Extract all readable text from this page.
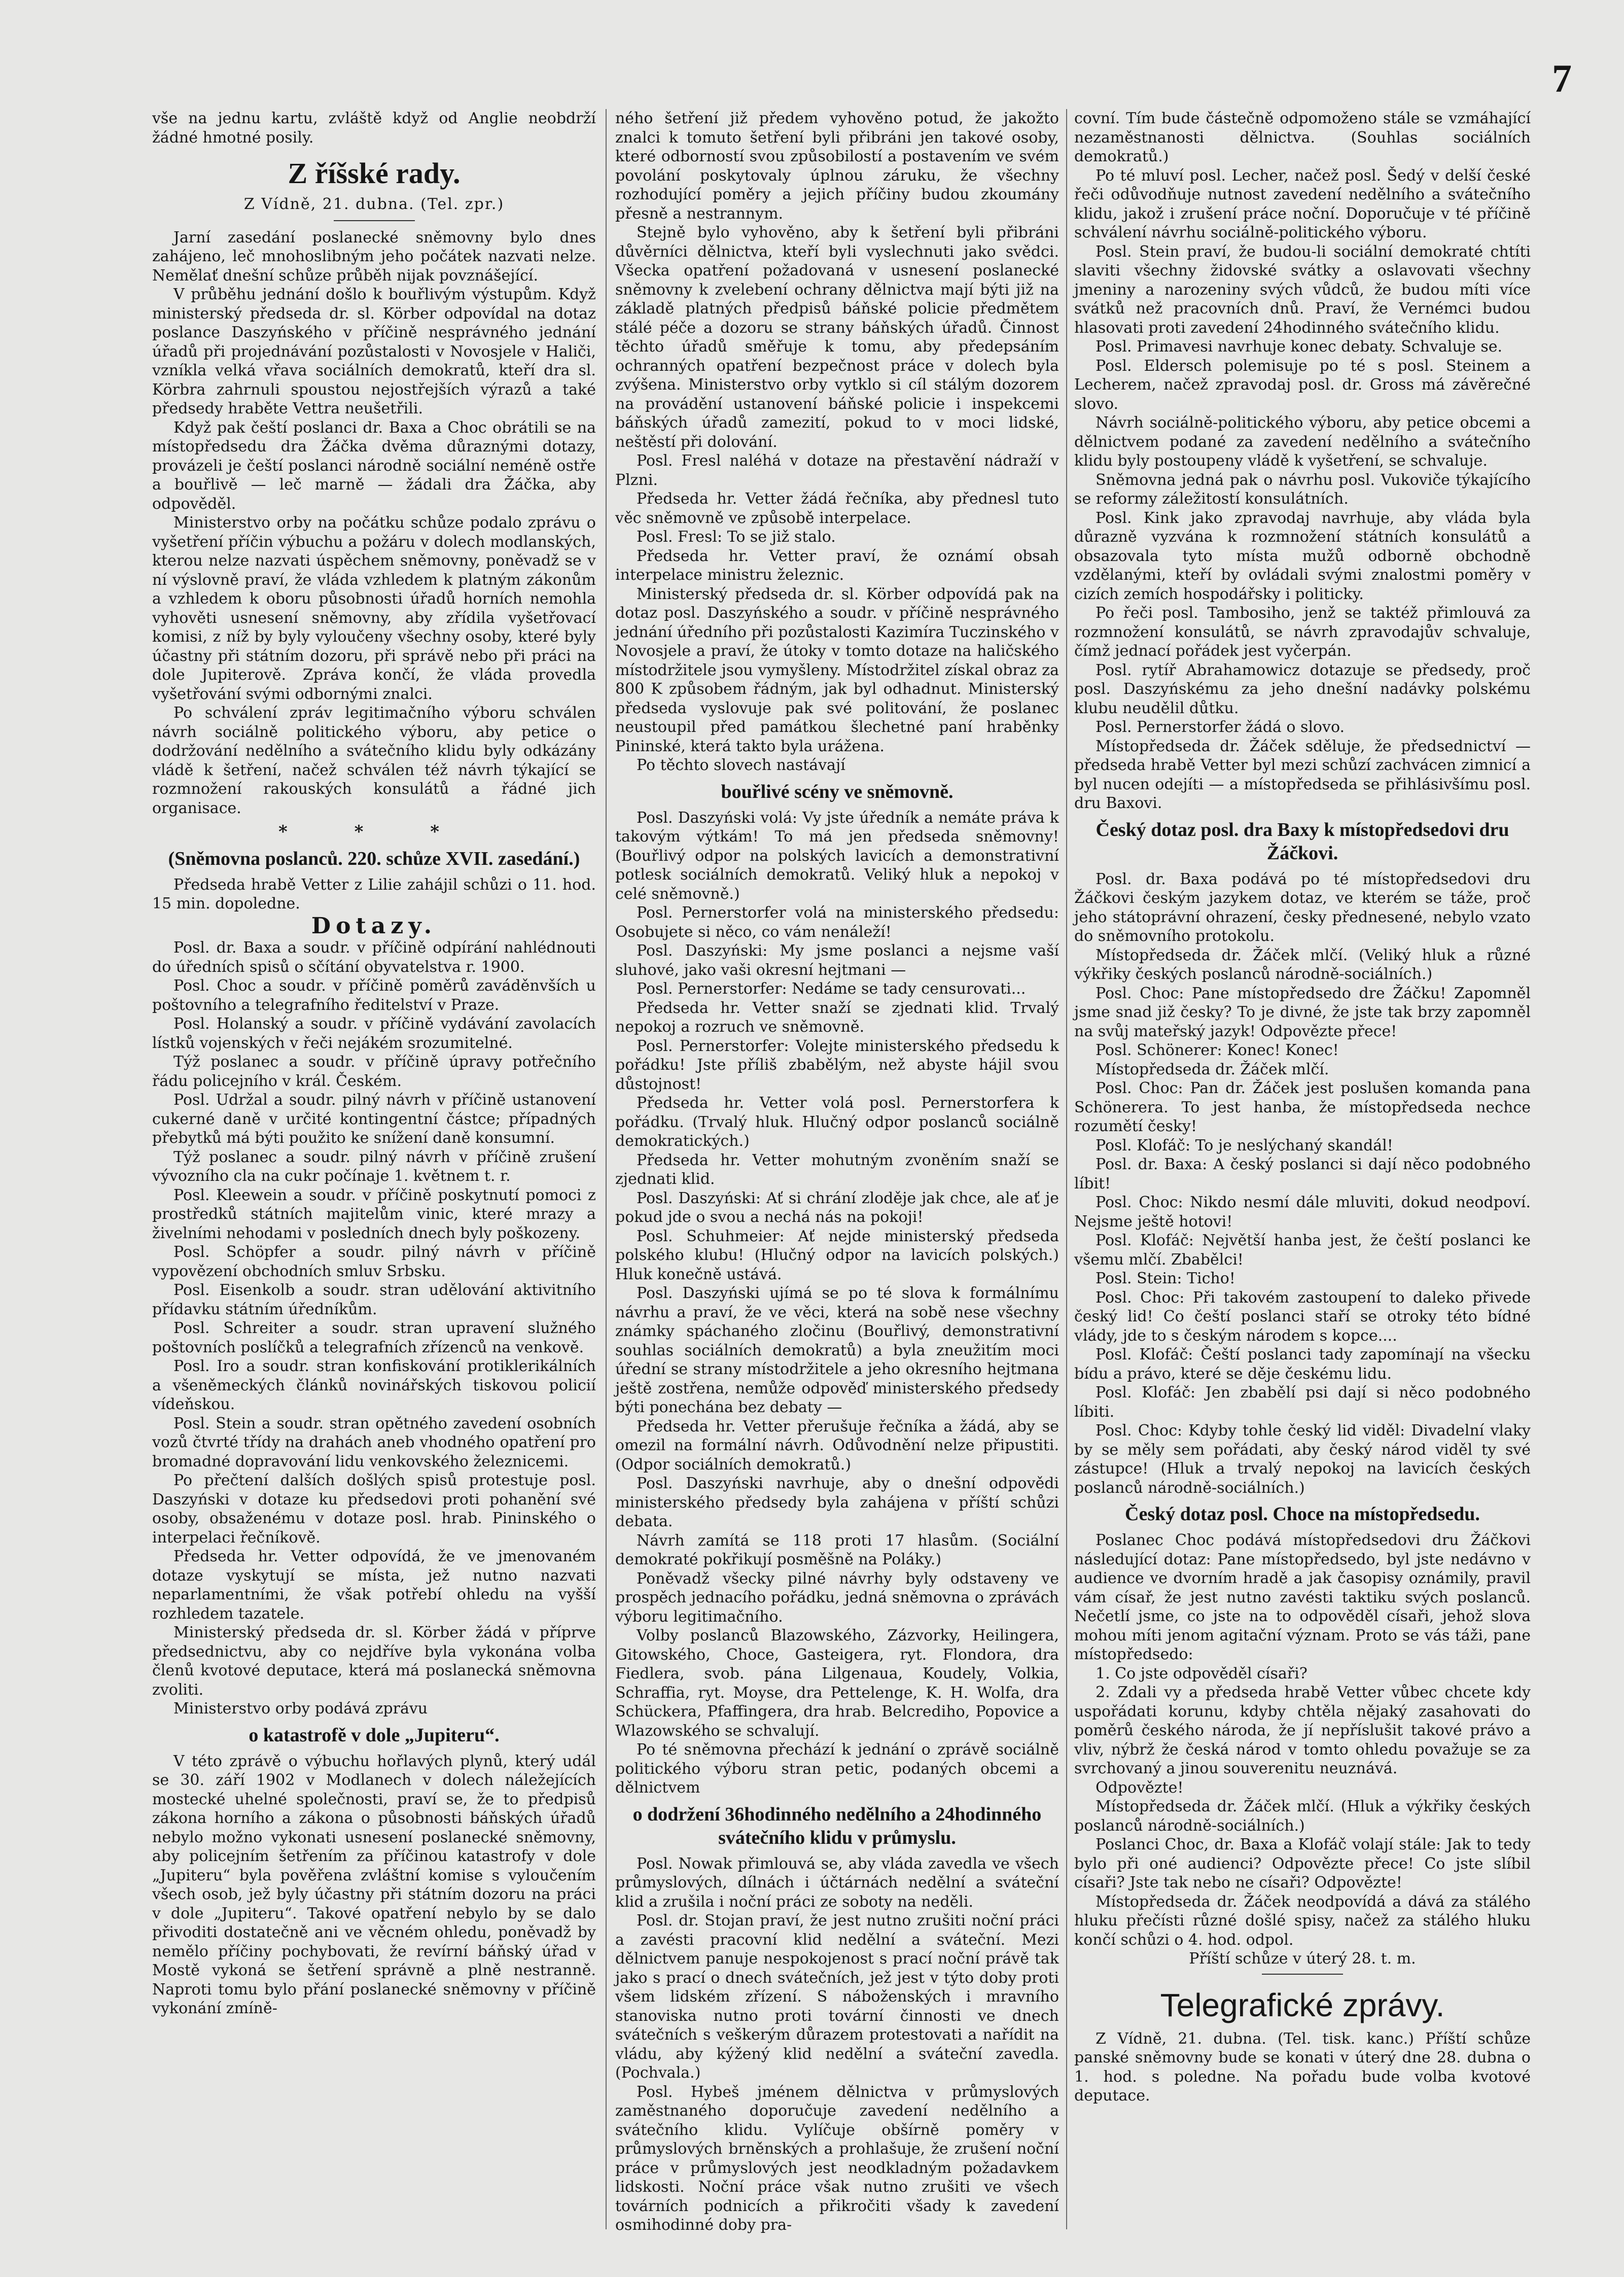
7

vše na jednu kartu, zvláště když od Anglie neobdrží žádné hmotné posily.

Z říšské rady.
Z Vídně, 21. dubna. (Tel. zpr.)

Jarní zasedání poslanecké sněmovny bylo dnes zahájeno, leč mnohoslibným jeho počátek nazvati nelze. Nemělať dnešní schůze průběh nijak povznášející.

V průběhu jednání došlo k bouřlivým výstupům. Když ministerský předseda dr. sl. Körber odpovídal na dotaz poslance Daszyńského v příčině nesprávného jednání úřadů při projednávání pozůstalosti v Novosjele v Haliči, vzníkla velká vřava sociálních demokratů, kteří dra sl. Körbra zahrnuli spoustou nejostřejších výrazů a také předsedy hraběte Vettra neušetřili.

Když pak čeští poslanci dr. Baxa a Choc obrátili se na místopředsedu dra Žáčka dvěma důraznými dotazy, provázeli je čeští poslanci národně sociální neméně ostře a bouřlivě — leč marně — žádali dra Žáčka, aby odpověděl.

Ministerstvo orby na počátku schůze podalo zprávu o vyšetření příčin výbuchu a požáru v dolech modlanských, kterou nelze nazvati úspěchem sněmovny, poněvadž se v ní výslovně praví, že vláda vzhledem k platným zákonům a vzhledem k oboru působnosti úřadů horních nemohla vyhověti usnesení sněmovny, aby zřídila vyšetřovací komisi, z níž by byly vyloučeny všechny osoby, které byly účastny při státním dozoru, při správě nebo při práci na dole Jupiterově. Zpráva končí, že vláda provedla vyšetřování svými odbornými znalci.

Po schválení zpráv legitimačního výboru schválen návrh sociálně politického výboru, aby petice o dodržování nedělního a svátečního klidu byly odkázány vládě k šetření, načež schválen též návrh týkající se rozmnožení rakouských konsulátů a řádné jich organisace.

* * *
(Sněmovna poslanců. 220. schůze XVII. zasedání.)

Předseda hrabě Vetter z Lilie zahájil schůzi o 11. hod. 15 min. dopoledne.

Dotazy.

Posl. dr. Baxa a soudr. v příčině odpírání nahlédnouti do úředních spisů o sčítání obyvatelstva r. 1900.

Posl. Choc a soudr. v příčině poměrů zaváděnvších u poštovního a telegrafního ředitelství v Praze.

Posl. Holanský a soudr. v příčině vydávání zavolacích lístků vojenských v řeči nejákém srozumitelné.

Týž poslanec a soudr. v příčině úpravy potřečního řádu policejního v král. Českém.

Posl. Udržal a soudr. pilný návrh v příčině ustanovení cukerné daně v určité kontingentní částce; případných přebytků má býti použito ke snížení daně konsumní.

Týž poslanec a soudr. pilný návrh v příčině zrušení vývozního cla na cukr počínaje 1. květnem t. r.

Posl. Kleewein a soudr. v příčině poskytnutí pomoci z prostředků státních majitelům vinic, které mrazy a živelními nehodami v posledních dnech byly poškozeny.

Posl. Schöpfer a soudr. pilný návrh v příčině vypovězení obchodních smluv Srbsku.

Posl. Eisenkolb a soudr. stran udělování aktivitního přídavku státním úředníkům.

Posl. Schreiter a soudr. stran upravení služného poštovních poslíčků a telegrafních zřízenců na venkově.

Posl. Iro a soudr. stran konfiskování protiklerikálních a všeněmeckých článků novinářských tiskovou policií vídeňskou.

Posl. Stein a soudr. stran opětného zavedení osobních vozů čtvrté třídy na drahách aneb vhodného opatření pro bromadné dopravování lidu venkovského železnicemi.

Po přečtení dalších došlých spisů protestuje posl. Daszyński v dotaze ku předsedovi proti pohanění své osoby, obsaženému v dotaze posl. hrab. Pininského o interpelaci řečníkově.

Předseda hr. Vetter odpovídá, že ve jmenovaném dotaze vyskytují se místa, jež nutno nazvati neparlamentními, že však potřebí ohledu na vyšší rozhledem tazatele.

Ministerský předseda dr. sl. Körber žádá v příprve předsednictvu, aby co nejdříve byla vykonána volba členů kvotové deputace, která má poslanecká sněmovna zvoliti.

Ministerstvo orby podává zprávu

o katastrofě v dole „Jupiteru“.

V této zprávě o výbuchu hořlavých plynů, který udál se 30. září 1902 v Modlanech v dolech náležejících mostecké uhelné společnosti, praví se, že to předpisů zákona horního a zákona o působnosti báňských úřadů nebylo možno vykonati usnesení poslanecké sněmovny, aby policejním šetřením za příčinou katastrofy v dole „Jupiteru“ byla pověřena zvláštní komise s vyloučením všech osob, jež byly účastny při státním dozoru na práci v dole „Jupiteru“. Takové opatření nebylo by se dalo přivoditi dostatečně ani ve věcném ohledu, poněvadž by nemělo příčiny pochybovati, že revírní báňský úřad v Mostě vykoná se šetření správně a plně nestranně. Naproti tomu bylo přání poslanecké sněmovny v příčině vykonání zmíně-

ného šetření již předem vyhověno potud, že jakožto znalci k tomuto šetření byli přibráni jen takové osoby, které odborností svou způsobilostí a postavením ve svém povolání poskytovaly úplnou záruku, že všechny rozhodující poměry a jejich příčiny budou zkoumány přesně a nestrannym.

Stejně bylo vyhověno, aby k šetření byli přibráni důvěrníci dělnictva, kteří byli vyslechnuti jako svědci. Všecka opatření požadovaná v usnesení poslanecké sněmovny k zvelebení ochrany dělnictva mají býti již na základě platných předpisů báňské policie předmětem stálé péče a dozoru se strany báňských úřadů. Činnost těchto úřadů směřuje k tomu, aby předepsáním ochranných opatření bezpečnost práce v dolech byla zvýšena. Ministerstvo orby vytklo si cíl stálým dozorem na provádění ustanovení báňské policie i inspekcemi báňských úřadů zamezití, pokud to v moci lidské, neštěstí při dolování.

Posl. Fresl naléhá v dotaze na přestavění nádraží v Plzni.

Předseda hr. Vetter žádá řečníka, aby přednesl tuto věc sněmovně ve způsobě interpelace.

Posl. Fresl: To se již stalo.

Předseda hr. Vetter praví, že oznámí obsah interpelace ministru železnic.

Ministerský předseda dr. sl. Körber odpovídá pak na dotaz posl. Daszyńského a soudr. v příčině nesprávného jednání úředního při pozůstalosti Kazimíra Tuczinského v Novosjele a praví, že útoky v tomto dotaze na haličského místodržitele jsou vymyšleny. Místodržitel získal obraz za 800 K způsobem řádným, jak byl odhadnut. Ministerský předseda vyslovuje pak své politování, že poslanec neustoupil před památkou šlechetné paní hraběnky Pininské, která takto byla urážena.

Po těchto slovech nastávají

bouřlivé scény ve sněmovně.

Posl. Daszyński volá: Vy jste úředník a nemáte práva k takovým výtkám! To má jen předseda sněmovny! (Bouřlivý odpor na polských lavicích a demonstrativní potlesk sociálních demokratů. Veliký hluk a nepokoj v celé sněmovně.)

Posl. Pernerstorfer volá na ministerského předsedu: Osobujete si něco, co vám nenáleží!

Posl. Daszyński: My jsme poslanci a nejsme vaší sluhové, jako vaši okresní hejtmani —

Posl. Pernerstorfer: Nedáme se tady censurovati...

Předseda hr. Vetter snaží se zjednati klid. Trvalý nepokoj a rozruch ve sněmovně.

Posl. Pernerstorfer: Volejte ministerského předsedu k pořádku! Jste příliš zbabělým, než abyste hájil svou důstojnost!

Předseda hr. Vetter volá posl. Pernerstorfera k pořádku. (Trvalý hluk. Hlučný odpor poslanců sociálně demokratických.)

Předseda hr. Vetter mohutným zvoněním snaží se zjednati klid.

Posl. Daszyński: Ať si chrání zloděje jak chce, ale ať je pokud jde o svou a nechá nás na pokoji!

Posl. Schuhmeier: Ať nejde ministerský předseda polského klubu! (Hlučný odpor na lavicích polských.) Hluk konečně ustává.

Posl. Daszyński ujímá se po té slova k formálnímu návrhu a praví, že ve věci, která na sobě nese všechny známky spáchaného zločinu (Bouřlivý, demonstrativní souhlas sociálních demokratů) a byla zneužitím moci úřední se strany místodržitele a jeho okresního hejtmana ještě zostřena, nemůže odpověď ministerského předsedy býti ponechána bez debaty —

Předseda hr. Vetter přerušuje řečníka a žádá, aby se omezil na formální návrh. Odůvodnění nelze připustiti. (Odpor sociálních demokratů.)

Posl. Daszyński navrhuje, aby o dnešní odpovědi ministerského předsedy byla zahájena v příští schůzi debata.

Návrh zamítá se 118 proti 17 hlasům. (Sociální demokraté pokřikují posměšně na Poláky.)

Poněvadž všecky pilné návrhy byly odstaveny ve prospěch jednacího pořádku, jedná sněmovna o zprávách výboru legitimačního.

Volby poslanců Blazowského, Zázvorky, Heilingera, Gitowského, Choce, Gasteigera, ryt. Flondora, dra Fiedlera, svob. pána Lilgenaua, Koudely, Volkia, Schraffia, ryt. Moyse, dra Pettelenge, K. H. Wolfa, dra Schückera, Pfaffingera, dra hrab. Belcrediho, Popovice a Wlazowského se schvalují.

Po té sněmovna přechází k jednání o zprávě sociálně politického výboru stran petic, podaných obcemi a dělnictvem

o dodržení 36hodinného nedělního a 24hodinného svátečního klidu v průmyslu.

Posl. Nowak přimlouvá se, aby vláda zavedla ve všech průmyslových, dílnách i účtárnách nedělní a sváteční klid a zrušila i noční práci ze soboty na neděli.

Posl. dr. Stojan praví, že jest nutno zrušiti noční práci a zavésti pracovní klid nedělní a sváteční. Mezi dělnictvem panuje nespokojenost s prací noční právě tak jako s prací o dnech svátečních, jež jest v týto doby proti všem lidském zřízení. S náboženských i mravního stanoviska nutno proti tovární činnosti ve dnech svátečních s veškerým důrazem protestovati a nařídit na vládu, aby kýžený klid nedělní a sváteční zavedla. (Pochvala.)

Posl. Hybeš jménem dělnictva v průmyslových zaměstnaného doporučuje zavedení nedělního a svátečního klidu. Vylíčuje obšírně poměry v průmyslových brněnských a prohlašuje, že zrušení noční práce v průmyslových jest neodkladným požadavkem lidskosti. Noční práce však nutno zrušiti ve všech továrních podnicích a přikročiti všady k zavedení osmihodinné doby pra-

covní. Tím bude částečně odpomoženo stále se vzmáhající nezaměstnanosti dělnictva. (Souhlas sociálních demokratů.)

Po té mluví posl. Lecher, načež posl. Šedý v delší české řeči odůvodňuje nutnost zavedení nedělního a svátečního klidu, jakož i zrušení práce noční. Doporučuje v té příčině schválení návrhu sociálně-politického výboru.

Posl. Stein praví, že budou-li sociální demokraté chtíti slaviti všechny židovské svátky a oslavovati všechny jmeniny a narozeniny svých vůdců, že budou míti více svátků než pracovních dnů. Praví, že Vernémci budou hlasovati proti zavedení 24hodinného svátečního klidu.

Posl. Primavesi navrhuje konec debaty. Schvaluje se.

Posl. Eldersch polemisuje po té s posl. Steinem a Lecherem, načež zpravodaj posl. dr. Gross má závěrečné slovo.

Návrh sociálně-politického výboru, aby petice obcemi a dělnictvem podané za zavedení nedělního a svátečního klidu byly postoupeny vládě k vyšetření, se schvaluje.

Sněmovna jedná pak o návrhu posl. Vukoviče týkajícího se reformy záležitostí konsulátních.

Posl. Kink jako zpravodaj navrhuje, aby vláda byla důrazně vyzvána k rozmnožení státních konsulátů a obsazovala tyto místa mužů odborně obchodně vzdělanými, kteří by ovládali svými znalostmi poměry v cizích zemích hospodářsky i politicky.

Po řeči posl. Tambosiho, jenž se taktéž přimlouvá za rozmnožení konsulátů, se návrh zpravodajův schvaluje, čímž jednací pořádek jest vyčerpán.

Posl. rytíř Abrahamowicz dotazuje se předsedy, proč posl. Daszyńskému za jeho dnešní nadávky polskému klubu neudělil důtku.

Posl. Pernerstorfer žádá o slovo.

Místopředseda dr. Žáček sděluje, že předsednictví — předseda hrabě Vetter byl mezi schůzí zachvácen zimnicí a byl nucen odejíti — a místopředseda se přihlásivšímu posl. dru Baxovi.

Český dotaz posl. dra Baxy k místopředsedovi dru Žáčkovi.

Posl. dr. Baxa podává po té místopředsedovi dru Žáčkovi českým jazykem dotaz, ve kterém se táže, proč jeho státoprávní ohrazení, česky přednesené, nebylo vzato do sněmovního protokolu.

Místopředseda dr. Žáček mlčí. (Veliký hluk a různé výkřiky českých poslanců národně-sociálních.)

Posl. Choc: Pane místopředsedo dre Žáčku! Zapomněl jsme snad již česky? To je divné, že jste tak brzy zapomněl na svůj mateřský jazyk! Odpovězte přece!

Posl. Schönerer: Konec! Konec!

Místopředseda dr. Žáček mlčí.

Posl. Choc: Pan dr. Žáček jest poslušen komanda pana Schönerera. To jest hanba, že místopředseda nechce rozumětí česky!

Posl. Klofáč: To je neslýchaný skandál!

Posl. dr. Baxa: A český poslanci si dají něco podobného líbit!

Posl. Choc: Nikdo nesmí dále mluviti, dokud neodpoví. Nejsme ještě hotovi!

Posl. Klofáč: Největší hanba jest, že čeští poslanci ke všemu mlčí. Zbabělci!

Posl. Stein: Ticho!

Posl. Choc: Při takovém zastoupení to daleko přivede český lid! Co čeští poslanci staří se otroky této bídné vlády, jde to s českým národem s kopce....

Posl. Klofáč: Čeští poslanci tady zapomínají na všecku bídu a právo, které se děje českému lidu.

Posl. Klofáč: Jen zbabělí psi dají si něco podobného líbiti.

Posl. Choc: Kdyby tohle český lid viděl: Divadelní vlaky by se měly sem pořádati, aby český národ viděl ty své zástupce! (Hluk a trvalý nepokoj na lavicích českých poslanců národně-sociálních.)

Český dotaz posl. Choce na místopředsedu.

Poslanec Choc podává místopředsedovi dru Žáčkovi následující dotaz: Pane místopředsedo, byl jste nedávno v audience ve dvorním hradě a jak časopisy oznámily, pravil vám císař, že jest nutno zavésti taktiku svých poslanců. Nečetlí jsme, co jste na to odpověděl císaři, jehož slova mohou míti jenom agitační význam. Proto se vás táži, pane místopředsedo:

1. Co jste odpověděl císaři?

2. Zdali vy a předseda hrabě Vetter vůbec chcete kdy uspořádati korunu, kdyby chtěla nějaký zasahovati do poměrů českého národa, že jí nepříslušit takové právo a vliv, nýbrž že česká národ v tomto ohledu považuje se za svrchovaný a jinou souverenitu neuznává.

Odpovězte!

Místopředseda dr. Žáček mlčí. (Hluk a výkřiky českých poslanců národně-sociálních.)

Poslanci Choc, dr. Baxa a Klofáč volají stále: Jak to tedy bylo při oné audienci? Odpovězte přece! Co jste slíbil císaři? Jste tak nebo ne císaři? Odpovězte!

Místopředseda dr. Žáček neodpovídá a dává za stálého hluku přečísti různé došlé spisy, načež za stálého hluku končí schůzi o 4. hod. odpol.

Příští schůze v úterý 28. t. m.

Telegrafické zprávy.

Z Vídně, 21. dubna. (Tel. tisk. kanc.) Příští schůze panské sněmovny bude se konati v úterý dne 28. dubna o 1. hod. s poledne. Na pořadu bude volba kvotové deputace.
